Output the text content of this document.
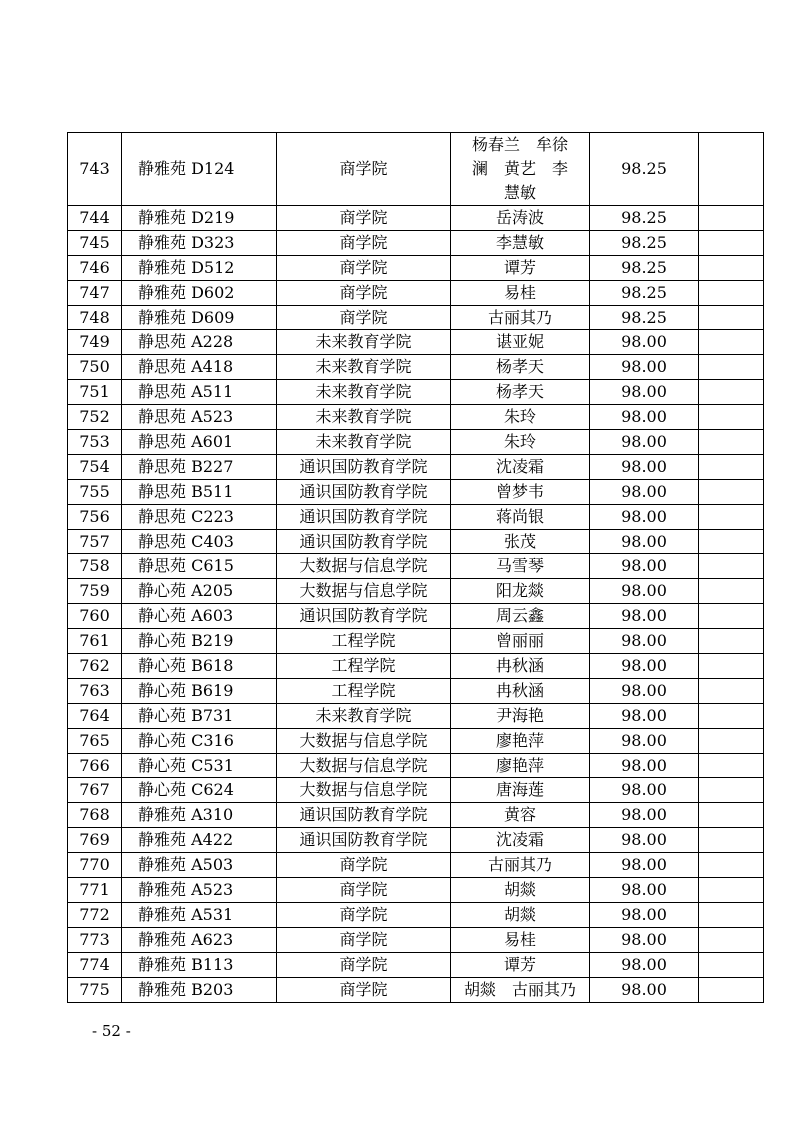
743	静雅苑 D124	商学院	杨春兰　牟徐
澜　黄艺　李
慧敏	98.25	
744	静雅苑 D219	商学院	岳涛波	98.25	
745	静雅苑 D323	商学院	李慧敏	98.25	
746	静雅苑 D512	商学院	谭芳	98.25	
747	静雅苑 D602	商学院	易桂	98.25	
748	静雅苑 D609	商学院	古丽其乃	98.25	
749	静思苑 A228	未来教育学院	谌亚妮	98.00	
750	静思苑 A418	未来教育学院	杨孝天	98.00	
751	静思苑 A511	未来教育学院	杨孝天	98.00	
752	静思苑 A523	未来教育学院	朱玲	98.00	
753	静思苑 A601	未来教育学院	朱玲	98.00	
754	静思苑 B227	通识国防教育学院	沈凌霜	98.00	
755	静思苑 B511	通识国防教育学院	曾梦韦	98.00	
756	静思苑 C223	通识国防教育学院	蒋尚银	98.00	
757	静思苑 C403	通识国防教育学院	张茂	98.00	
758	静思苑 C615	大数据与信息学院	马雪琴	98.00	
759	静心苑 A205	大数据与信息学院	阳龙燚	98.00	
760	静心苑 A603	通识国防教育学院	周云鑫	98.00	
761	静心苑 B219	工程学院	曾丽丽	98.00	
762	静心苑 B618	工程学院	冉秋涵	98.00	
763	静心苑 B619	工程学院	冉秋涵	98.00	
764	静心苑 B731	未来教育学院	尹海艳	98.00	
765	静心苑 C316	大数据与信息学院	廖艳萍	98.00	
766	静心苑 C531	大数据与信息学院	廖艳萍	98.00	
767	静心苑 C624	大数据与信息学院	唐海莲	98.00	
768	静雅苑 A310	通识国防教育学院	黄容	98.00	
769	静雅苑 A422	通识国防教育学院	沈凌霜	98.00	
770	静雅苑 A503	商学院	古丽其乃	98.00	
771	静雅苑 A523	商学院	胡燚	98.00	
772	静雅苑 A531	商学院	胡燚	98.00	
773	静雅苑 A623	商学院	易桂	98.00	
774	静雅苑 B113	商学院	谭芳	98.00	
775	静雅苑 B203	商学院	胡燚　古丽其乃	98.00	
- 52 -
